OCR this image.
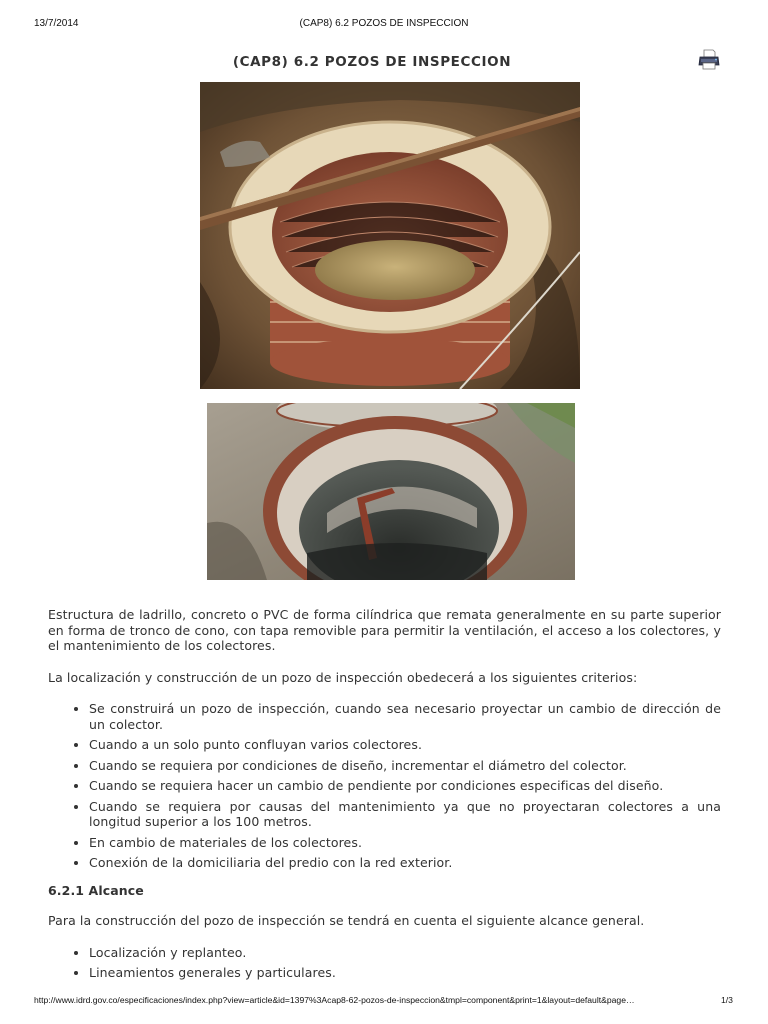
13/7/2014	(CAP8) 6.2 POZOS DE INSPECCION
(CAP8) 6.2 POZOS DE INSPECCION

Estructura de ladrillo, concreto o PVC de forma cilíndrica que remata generalmente en su parte superior en forma de tronco de cono, con tapa removible para permitir la ventilación, el acceso a los colectores, y el mantenimiento de los colectores.

La localización y construcción de un pozo de inspección obedecerá a los siguientes criterios:

Se construirá un pozo de inspección, cuando sea necesario proyectar un cambio de dirección de un colector.
Cuando a un solo punto confluyan varios colectores.
Cuando se requiera por condiciones de diseño, incrementar el diámetro del colector.
Cuando se requiera hacer un cambio de pendiente por condiciones especificas del diseño.
Cuando se requiera por causas del mantenimiento ya que no proyectaran colectores a una longitud superior a los 100 metros.
En cambio de materiales de los colectores.
Conexión de la domiciliaria del predio con la red exterior.
6.2.1 Alcance

Para la construcción del pozo de inspección se tendrá en cuenta el siguiente alcance general.

Localización y replanteo.
Lineamientos generales y particulares.
http://www.idrd.gov.co/especificaciones/index.php?view=article&id=1397%3Acap8-62-pozos-de-inspeccion&tmpl=component&print=1&layout=default&page…	1/3
